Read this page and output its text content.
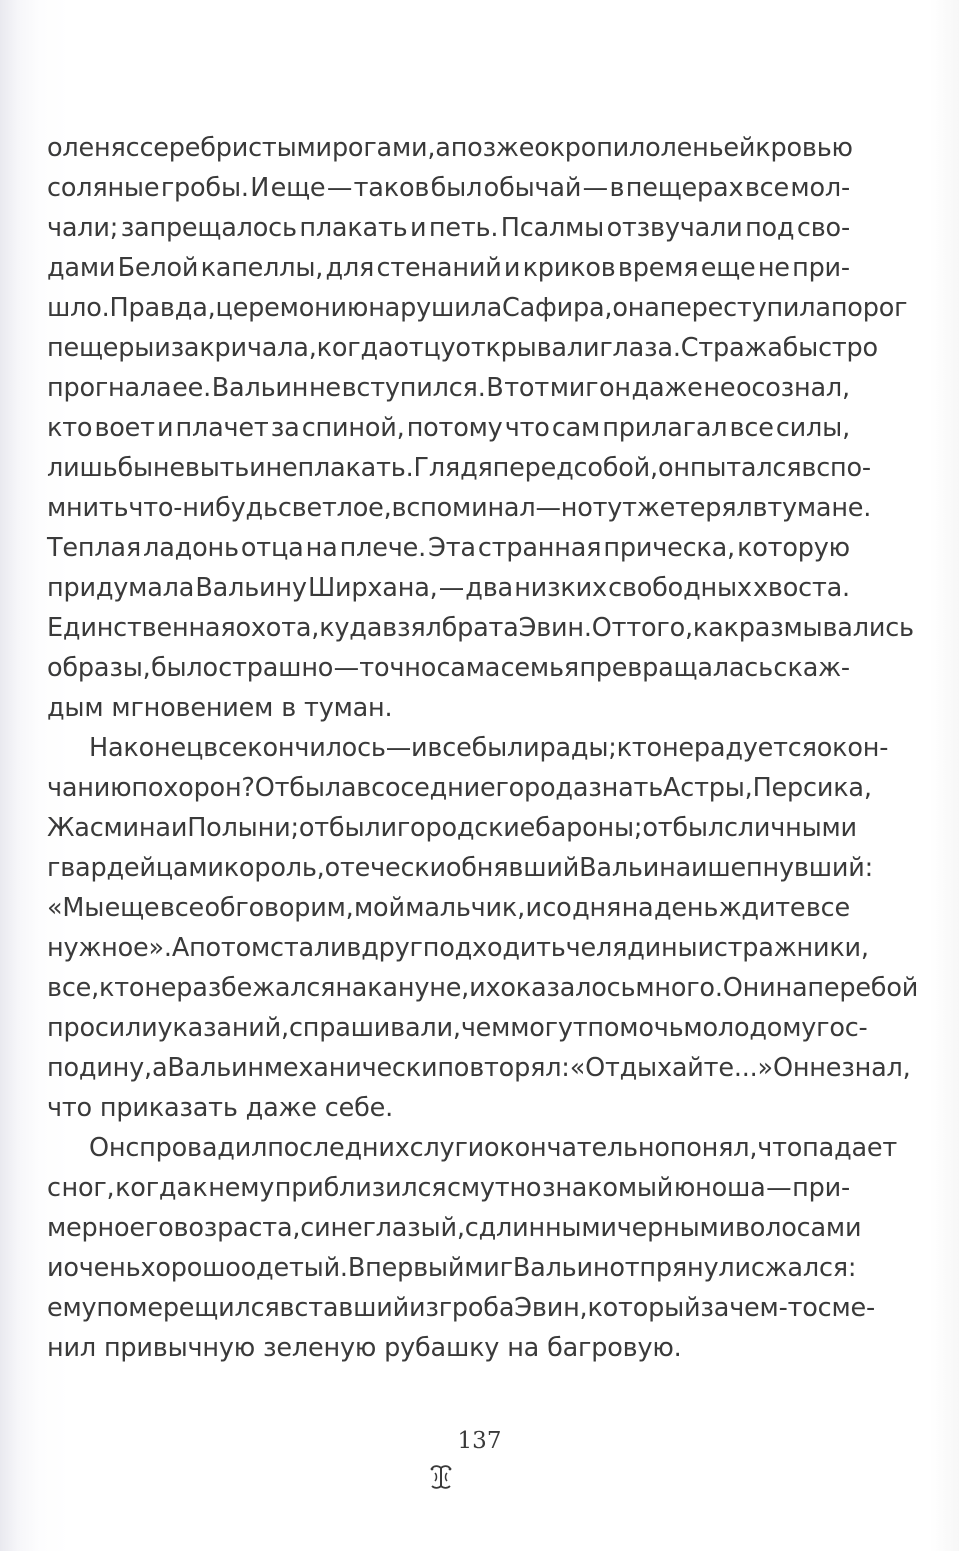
оленя с серебристыми рогами, а позже окропил оленьей кровью
соляные гробы. И еще — таков был обычай — в пещерах все мол-
чали; запрещалось плакать и петь. Псалмы отзвучали под сво-
дами Белой капеллы, для стенаний и криков время еще не при-
шло. Правда, церемонию нарушила Сафира, она переступила порог
пещеры и закричала, когда отцу открывали глаза. Стража быстро
прогнала ее. Вальин не вступился. В тот миг он даже не осознал,
кто воет и плачет за спиной, потому что сам прилагал все силы,
лишь бы не выть и не плакать. Глядя перед собой, он пытался вспо-
мнить что-нибудь светлое, вспоминал — но тут же терял в тумане.
Теплая ладонь отца на плече. Эта странная прическа, которую
придумала Вальину Ширхана, — два низких свободных хвоста.
Единственная охота, куда взял брата Эвин. От того, как размывались
образы, было страшно — точно сама семья превращалась с каж-
дым мгновением в туман.
Наконец все кончилось — и все были рады; кто не радуется окон-
чанию похорон? Отбыла в соседние города знать Астры, Персика,
Жасмина и Полыни; отбыли городские бароны; отбыл с личными
гвардейцами король, отечески обнявший Вальина и шепнувший:
«Мы еще все обговорим, мой мальчик, и со дня на день ждите все
нужное». А потом стали вдруг подходить челядины и стражники,
все, кто не разбежался накануне, их оказалось много. Они наперебой
просили указаний, спрашивали, чем могут помочь молодому гос-
подину, а Вальин механически повторял: «Отдыхайте...» Он не знал,
что приказать даже себе.
Он спровадил последних слуг и окончательно понял, что падает
с ног, когда к нему приблизился смутно знакомый юноша — при-
мерно его возраста, синеглазый, с длинными черными волосами
и очень хорошо одетый. В первый миг Вальин отпрянул и сжался:
ему померещился вставший из гроба Эвин, который зачем-то сме-
нил привычную зеленую рубашку на багровую.
137
